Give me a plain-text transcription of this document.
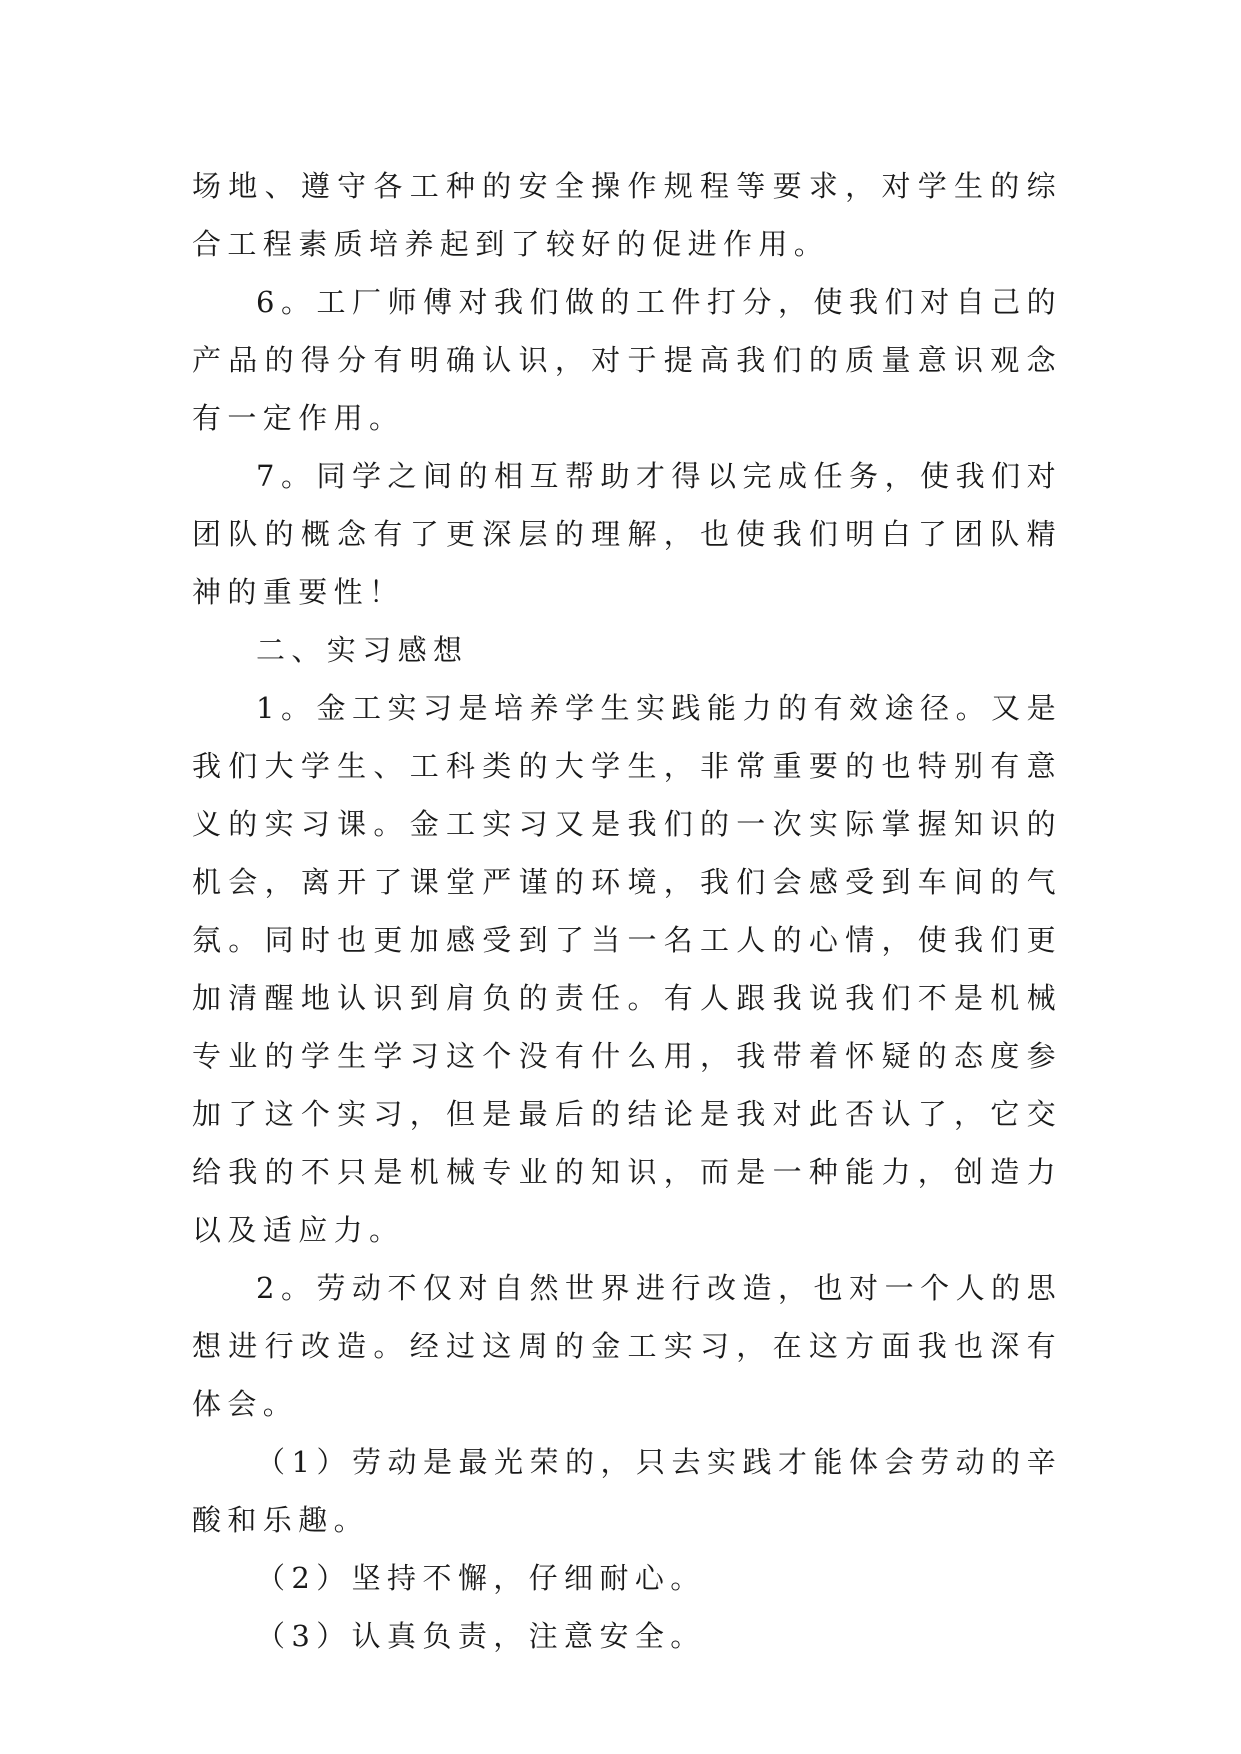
场地、遵守各工种的安全操作规程等要求，对学生的综合工程素质培养起到了较好的促进作用。

6。工厂师傅对我们做的工件打分，使我们对自己的产品的得分有明确认识，对于提高我们的质量意识观念有一定作用。

7。同学之间的相互帮助才得以完成任务，使我们对团队的概念有了更深层的理解，也使我们明白了团队精神的重要性！

二、实习感想

1。金工实习是培养学生实践能力的有效途径。又是我们大学生、工科类的大学生，非常重要的也特别有意义的实习课。金工实习又是我们的一次实际掌握知识的机会，离开了课堂严谨的环境，我们会感受到车间的气氛。同时也更加感受到了当一名工人的心情，使我们更加清醒地认识到肩负的责任。有人跟我说我们不是机械专业的学生学习这个没有什么用，我带着怀疑的态度参加了这个实习，但是最后的结论是我对此否认了，它交给我的不只是机械专业的知识，而是一种能力，创造力以及适应力。

2。劳动不仅对自然世界进行改造，也对一个人的思想进行改造。经过这周的金工实习，在这方面我也深有体会。

（1）劳动是最光荣的，只去实践才能体会劳动的辛酸和乐趣。

（2）坚持不懈，仔细耐心。

（3）认真负责，注意安全。
